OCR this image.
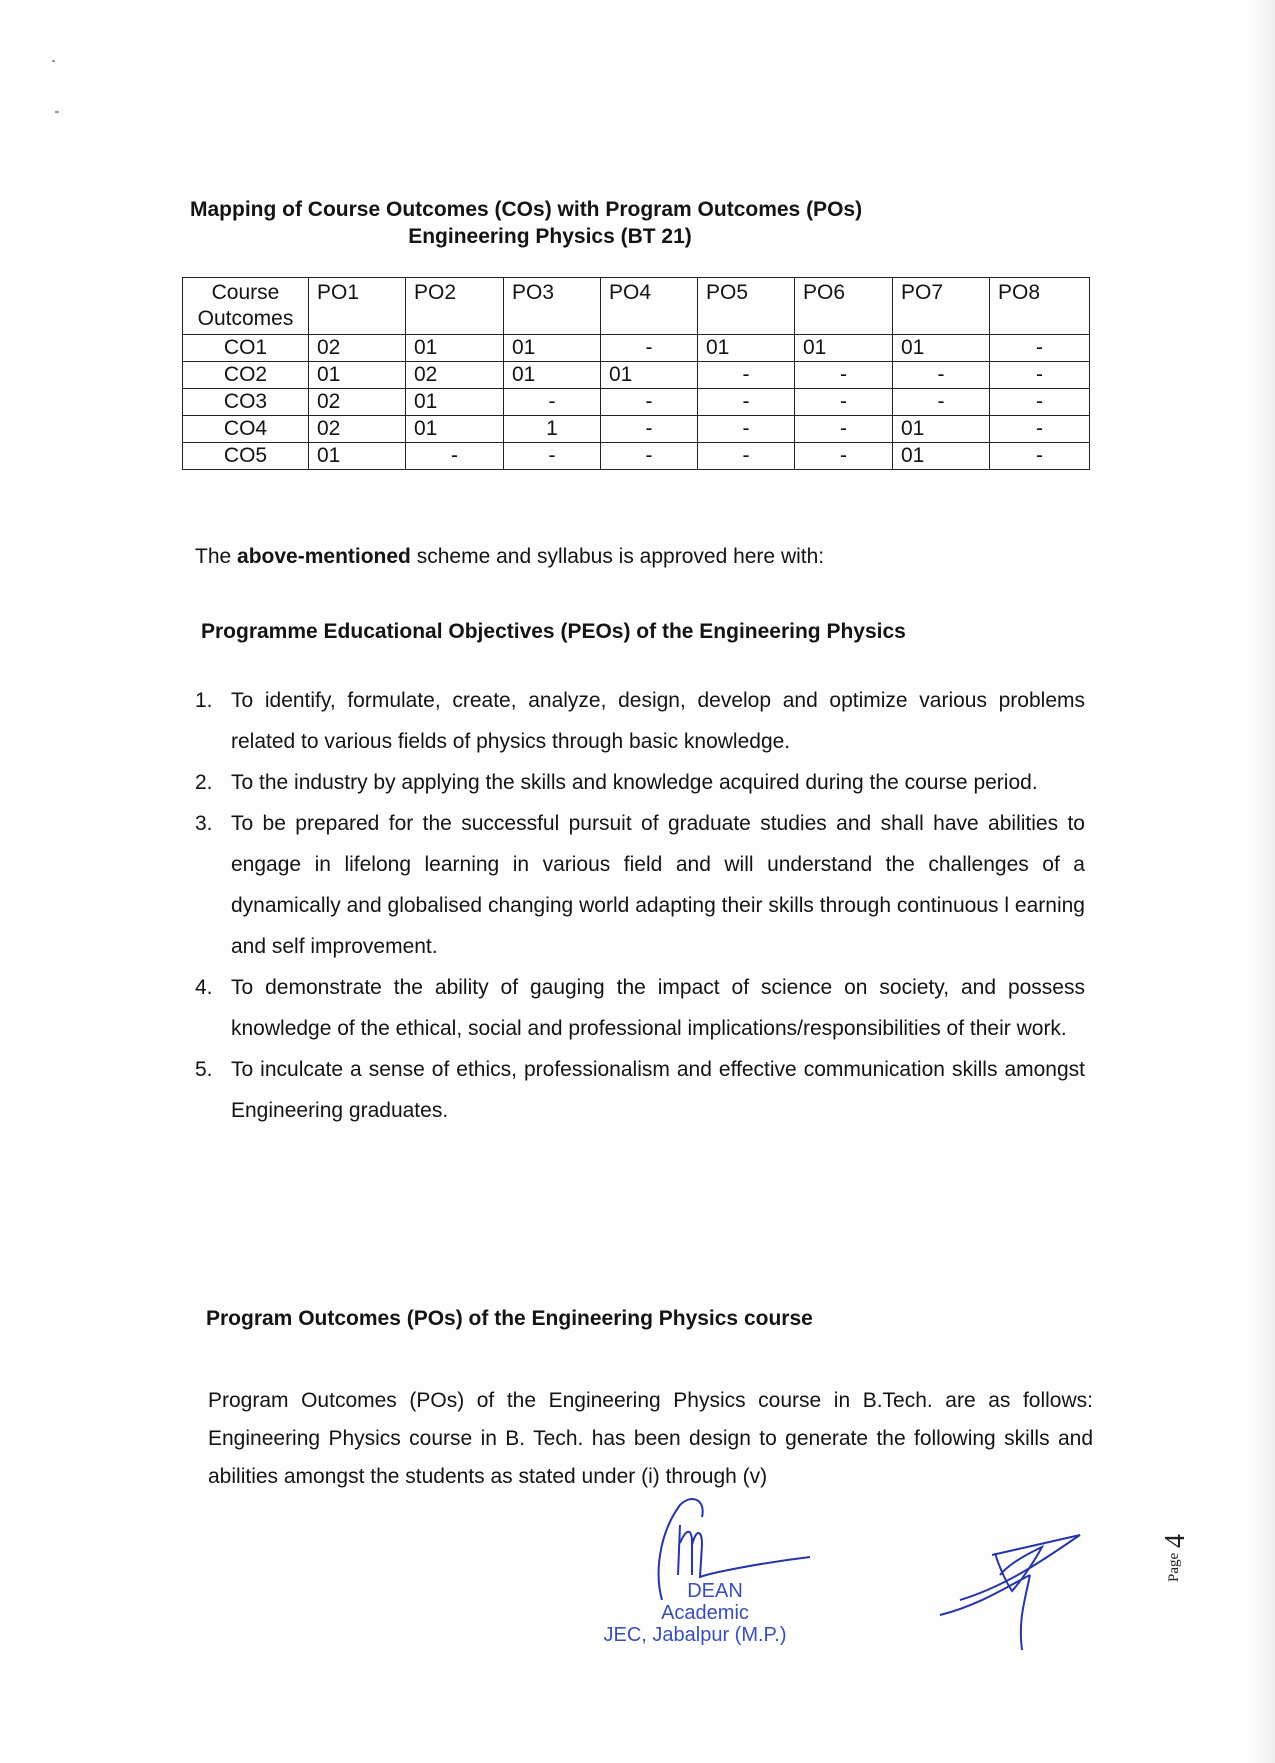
Mapping of Course Outcomes (COs) with Program Outcomes (POs)

Engineering Physics (BT 21)

Course
Outcomes	PO1	PO2	PO3	PO4	PO5	PO6	PO7	PO8
CO1	02	01	01	-	01	01	01	-
CO2	01	02	01	01	-	-	-	-
CO3	02	01	-	-	-	-	-	-
CO4	02	01	1	-	-	-	01	-
CO5	01	-	-	-	-	-	01	-
The above-mentioned scheme and syllabus is approved here with:
Programme Educational Objectives (PEOs) of the Engineering Physics
1. To identify, formulate, create, analyze, design, develop and optimize various problems related to various fields of physics through basic knowledge.
2. To the industry by applying the skills and knowledge acquired during the course period.
3. To be prepared for the successful pursuit of graduate studies and shall have abilities to engage in lifelong learning in various field and will understand the challenges of a dynamically and globalised changing world adapting their skills through continuous l earning and self improvement.
4. To demonstrate the ability of gauging the impact of science on society, and possess knowledge of the ethical, social and professional implications/responsibilities of their work.
5. To inculcate a sense of ethics, professionalism and effective communication skills amongst Engineering graduates.
Program Outcomes (POs) of the Engineering Physics course
Program Outcomes (POs) of the Engineering Physics course in B.Tech. are as follows: Engineering Physics course in B. Tech. has been design to generate the following skills and abilities amongst the students as stated under (i) through (v)
DEAN
Academic
JEC, Jabalpur (M.P.)
Page
4
